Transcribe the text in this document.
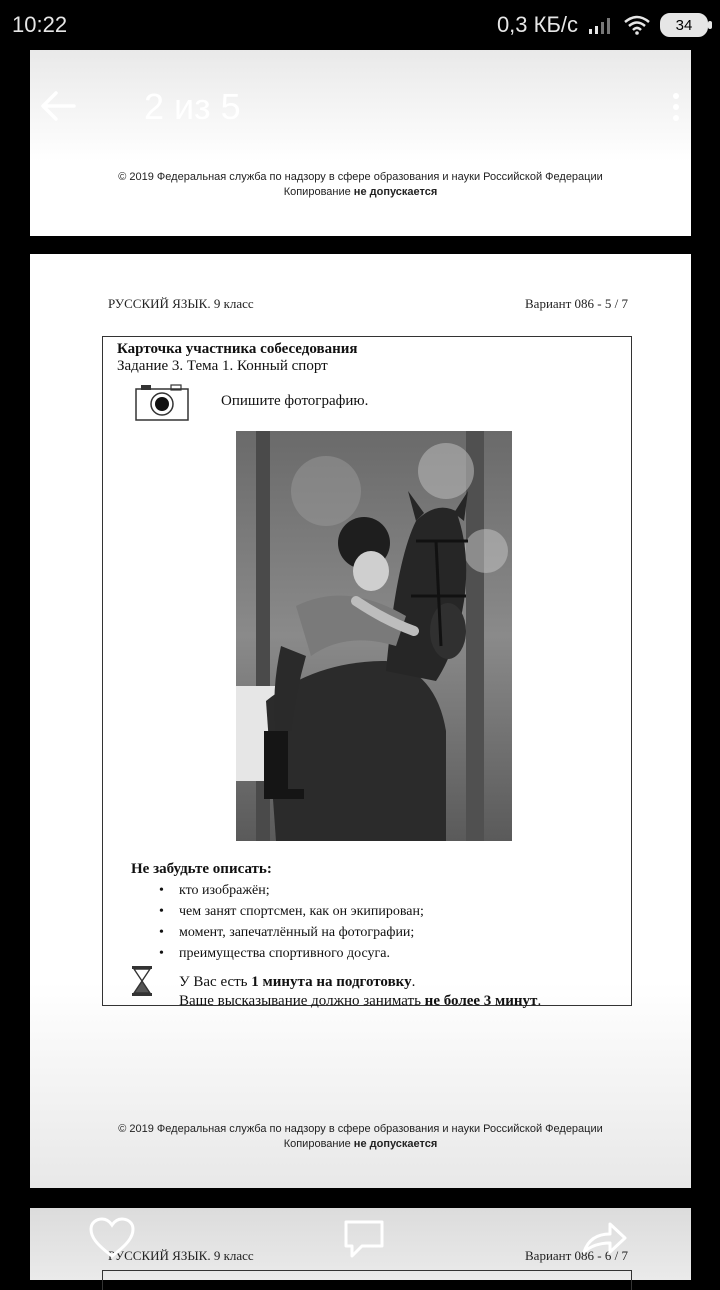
10:22	0,3 КБ/с	34
© 2019 Федеральная служба по надзору в сфере образования и науки Российской Федерации
Копирование не допускается
2 из 5
РУССКИЙ ЯЗЫК. 9 класс	Вариант 086 - 5 / 7
Карточка участника собеседования
Задание 3. Тема 1. Конный спорт
Опишите фотографию.
Не забудьте описать:
• кто изображён;
• чем занят спортсмен, как он экипирован;
• момент, запечатлённый на фотографии;
• преимущества спортивного досуга.
У Вас есть 1 минута на подготовку.
Ваше высказывание должно занимать не более 3 минут.
© 2019 Федеральная служба по надзору в сфере образования и науки Российской Федерации
Копирование не допускается
РУССКИЙ ЯЗЫК. 9 класс	Вариант 086 - 6 / 7
